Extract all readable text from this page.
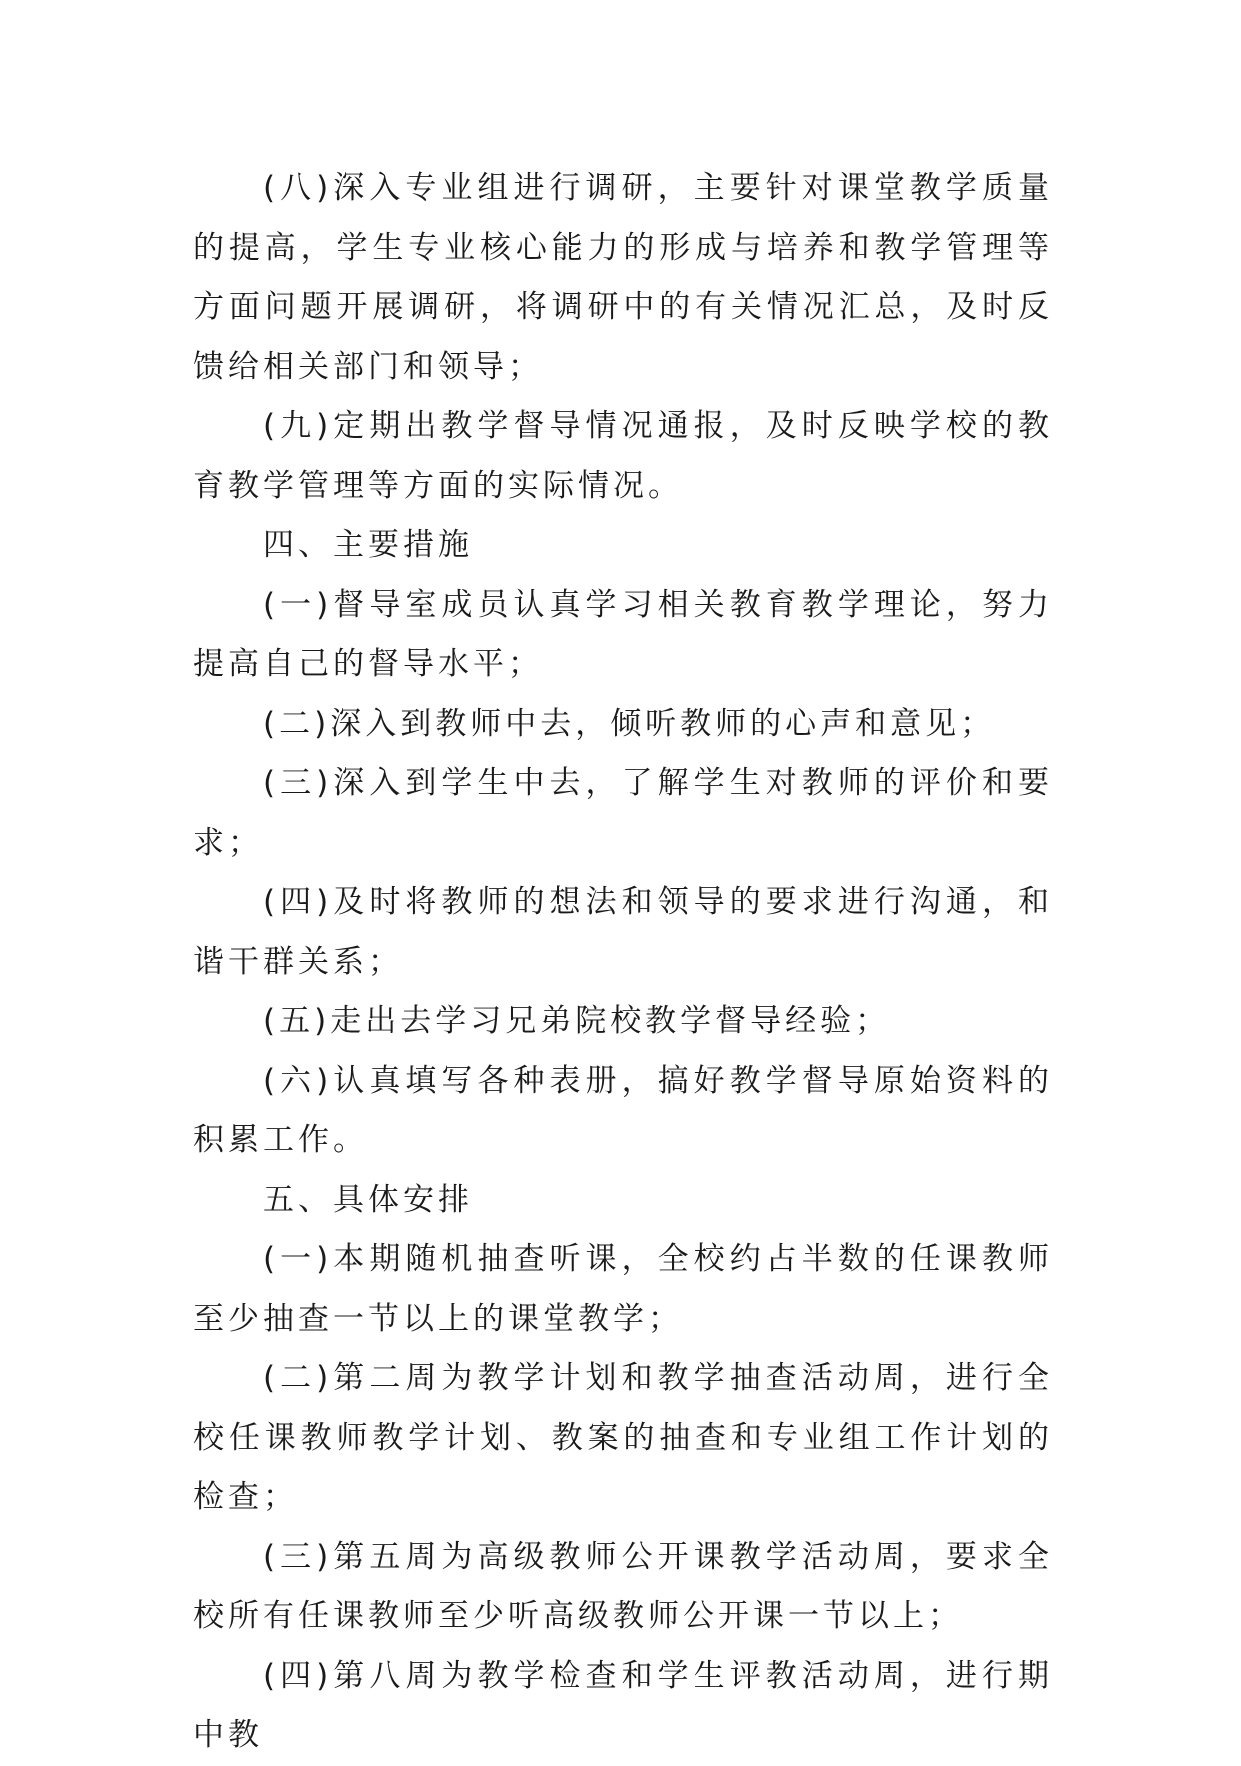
(八)深入专业组进行调研，主要针对课堂教学质量的提高，学生专业核心能力的形成与培养和教学管理等方面问题开展调研，将调研中的有关情况汇总，及时反馈给相关部门和领导；

(九)定期出教学督导情况通报，及时反映学校的教育教学管理等方面的实际情况。

四、主要措施

(一)督导室成员认真学习相关教育教学理论，努力提高自己的督导水平；

(二)深入到教师中去，倾听教师的心声和意见；

(三)深入到学生中去，了解学生对教师的评价和要求；

(四)及时将教师的想法和领导的要求进行沟通，和谐干群关系；

(五)走出去学习兄弟院校教学督导经验；

(六)认真填写各种表册，搞好教学督导原始资料的积累工作。

五、具体安排

(一)本期随机抽查听课，全校约占半数的任课教师至少抽查一节以上的课堂教学；

(二)第二周为教学计划和教学抽查活动周，进行全校任课教师教学计划、教案的抽查和专业组工作计划的检查；

(三)第五周为高级教师公开课教学活动周，要求全校所有任课教师至少听高级教师公开课一节以上；

(四)第八周为教学检查和学生评教活动周，进行期中教
